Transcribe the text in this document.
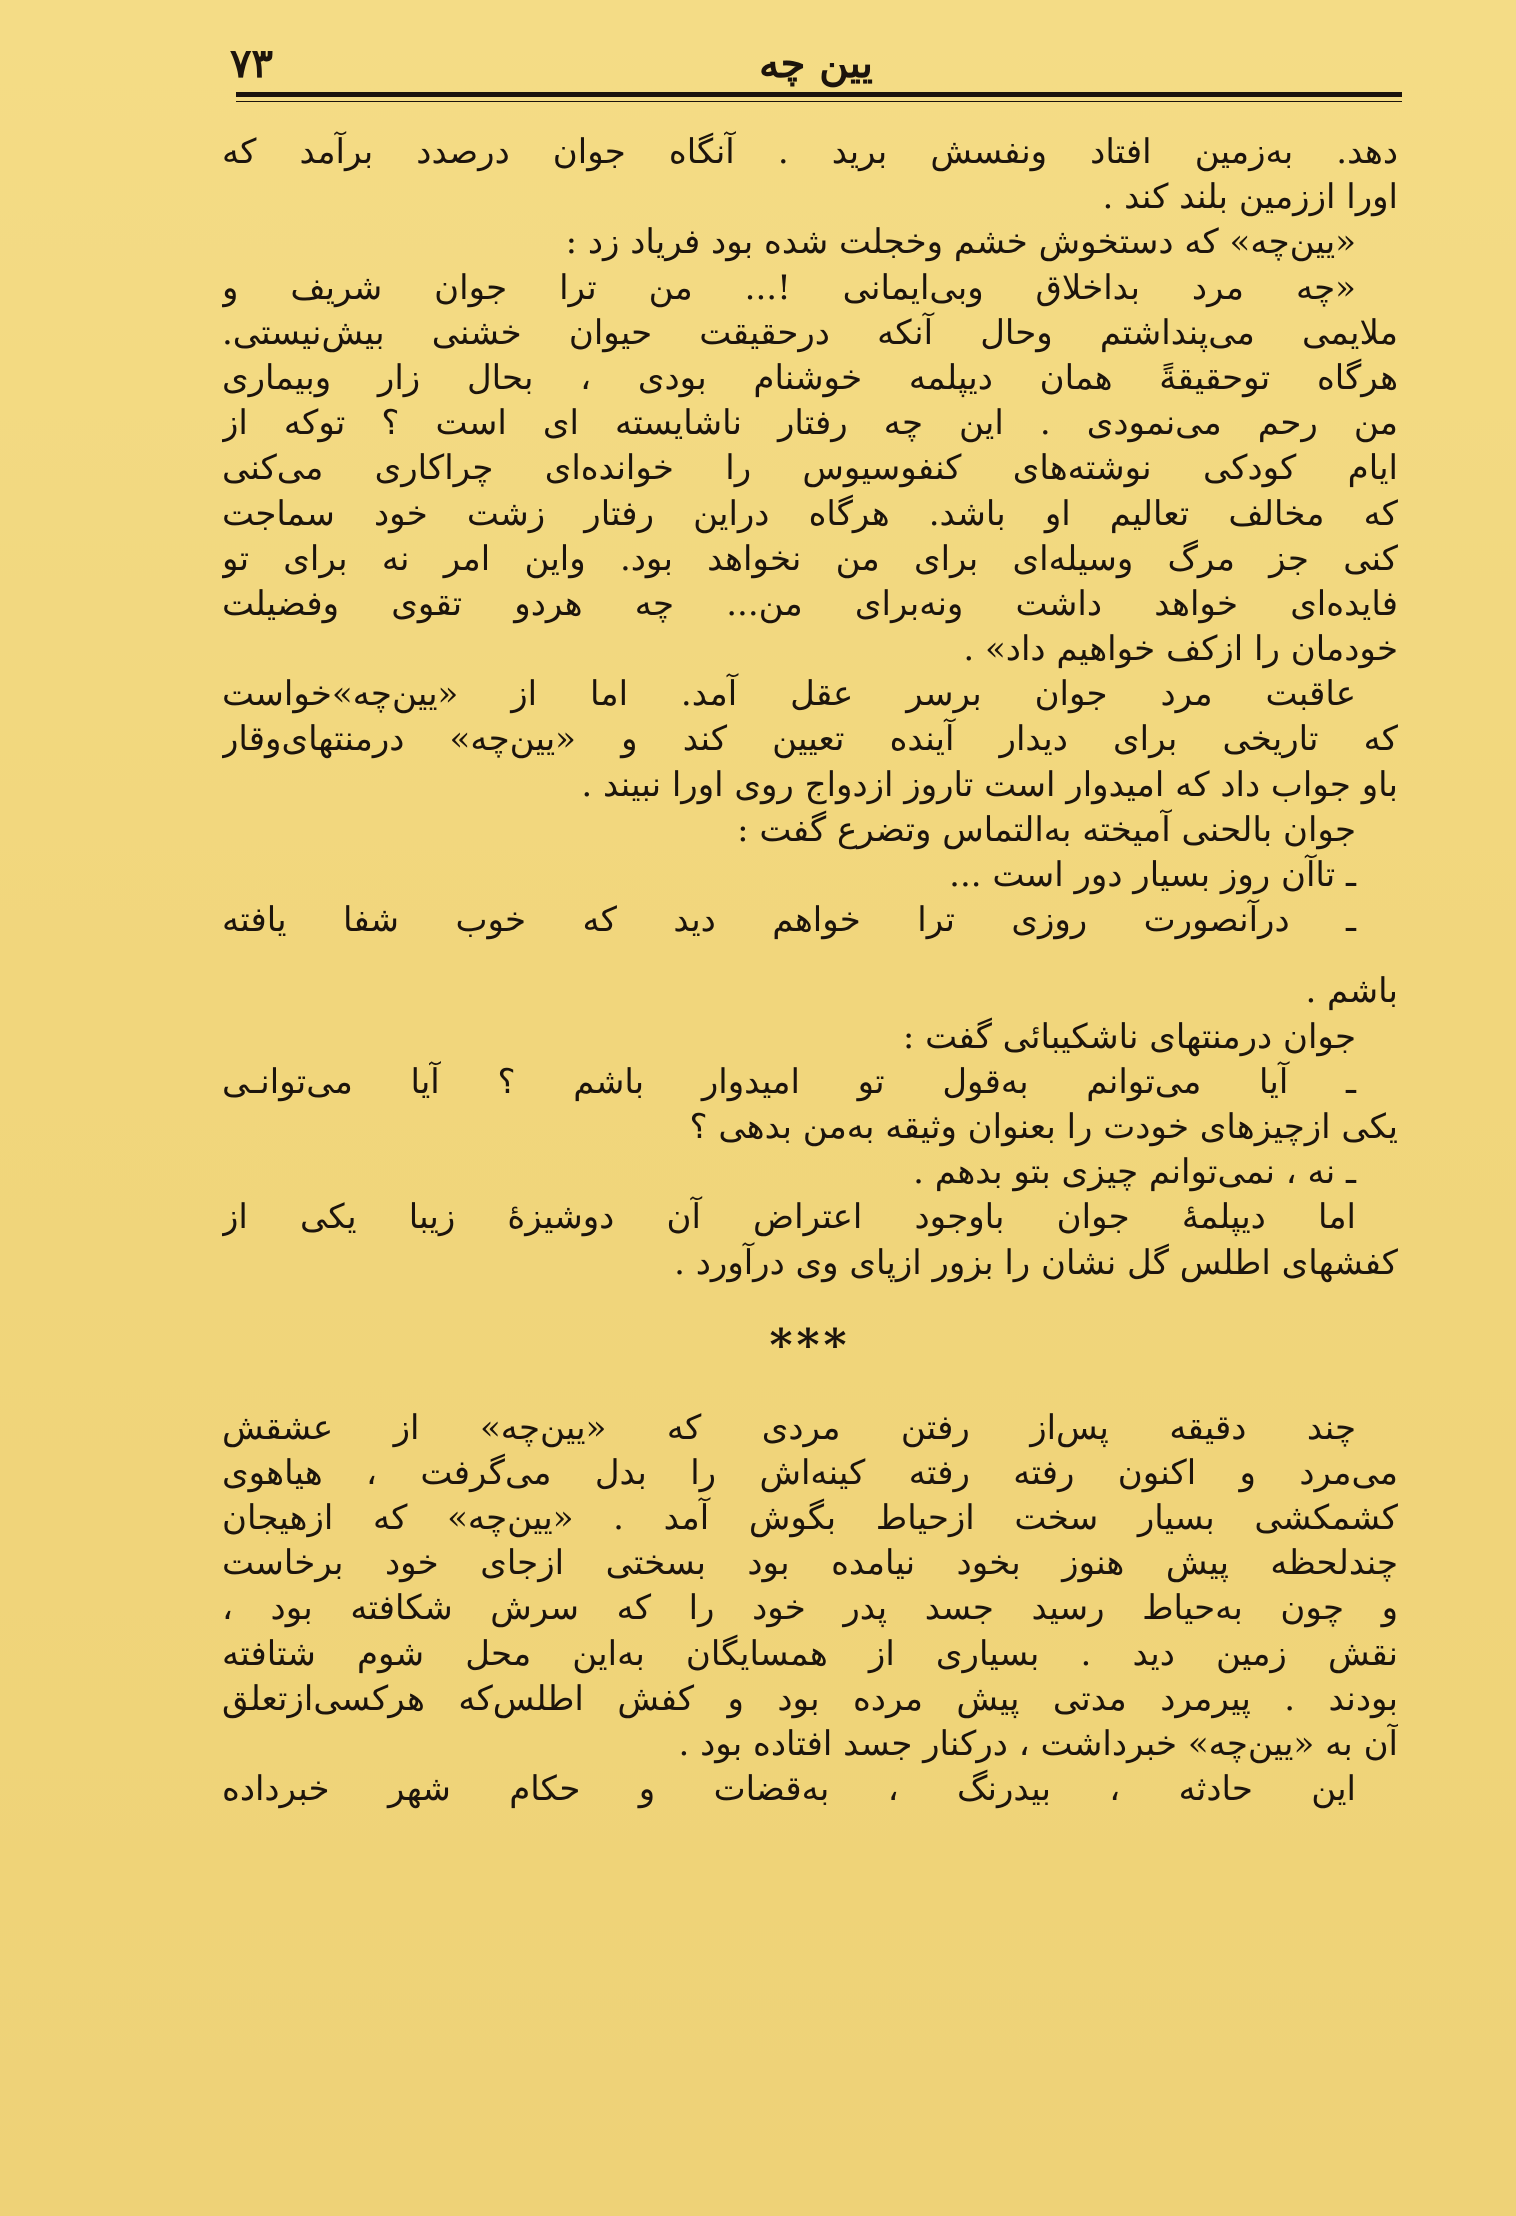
۷۳	یین چه
دهد. به‌زمین افتاد ونفسش برید . آنگاه جوان درصدد برآمد که
اورا اززمین بلند کند .
«یین‌چه» که دستخوش خشم وخجلت شده بود فریاد زد :
«چه مرد بداخلاق وبی‌ایمانی !... من ترا جوان شریف و
ملایمی می‌پنداشتم وحال آنکه درحقیقت حیوان خشنی بیش‌نیستی.
هرگاه توحقیقةً همان دیپلمه خوشنام بودی ، بحال زار وبیماری
من رحم می‌نمودی . این چه رفتار ناشایسته ای است ؟ توکه از
ایام کودکی نوشته‌های کنفوسیوس را خوانده‌ای چراکاری می‌کنی
که مخالف تعالیم او باشد. هرگاه دراین رفتار زشت خود سماجت
کنی جز مرگ وسیله‌ای برای من نخواهد بود. واین امر نه برای تو
فایده‌ای خواهد داشت ونه‌برای من... چه هردو تقوی وفضیلت
خودمان را ازکف خواهیم داد» .
عاقبت مرد جوان برسر عقل آمد. اما از «یین‌چه»خواست
که تاریخی برای دیدار آینده تعیین کند و «یین‌چه» درمنتهای‌وقار
باو جواب داد که امیدوار است تاروز ازدواج روی اورا نبیند .
جوان بالحنی آمیخته به‌التماس وتضرع گفت :
ـ تاآن روز بسیار دور است ...
ـ درآنصورت روزی ترا خواهم دید که خوب شفا یافته
باشم .
جوان درمنتهای ناشکیبائی گفت :
ـ آیا می‌توانم به‌قول تو امیدوار باشم ؟ آیا می‌توانـی
یکی ازچیزهای خودت را بعنوان وثیقه به‌من بدهی ؟
ـ نه ، نمی‌توانم چیزی بتو بدهم .
اما دیپلمهٔ جوان باوجود اعتراض آن دوشیزهٔ زیبا یکی از
کفشهای اطلس گل نشان را بزور ازپای وی درآورد .
***
چند دقیقه پس‌از رفتن مردی که «یین‌چه» از عشقش
می‌مرد و اکنون رفته رفته کینه‌اش را بدل می‌گرفت ، هیاهوی
کشمکشی بسیار سخت ازحیاط بگوش آمد . «یین‌چه» که ازهیجان
چندلحظه پیش هنوز بخود نیامده بود بسختی ازجای خود برخاست
و چون به‌حیاط رسید جسد پدر خود را که سرش شکافته بود ،
نقش زمین دید . بسیاری از همسایگان به‌این محل شوم شتافته
بودند . پیرمرد مدتی پیش مرده بود و کفش اطلس‌که هرکسی‌ازتعلق
آن به «یین‌چه» خبرداشت ، درکنار جسد افتاده بود .
این حادثه ، بیدرنگ ، به‌قضات و حکام شهر خبرداده
